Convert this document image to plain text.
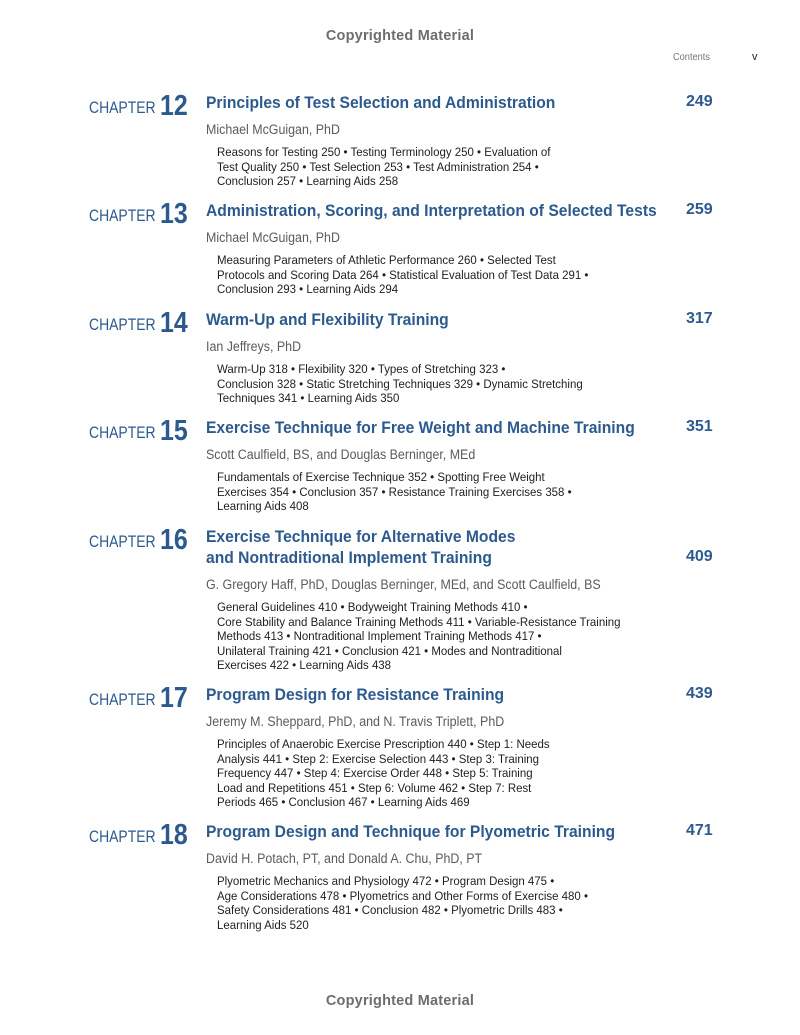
Copyrighted Material
Contents	v
CHAPTER 12 Principles of Test Selection and Administration	249
Michael McGuigan, PhD
Reasons for Testing 250 • Testing Terminology 250 • Evaluation of
Test Quality 250 • Test Selection 253 • Test Administration 254 •
Conclusion 257 • Learning Aids 258
CHAPTER 13 Administration, Scoring, and Interpretation of Selected Tests 259
Michael McGuigan, PhD
Measuring Parameters of Athletic Performance 260 • Selected Test
Protocols and Scoring Data 264 • Statistical Evaluation of Test Data 291 •
Conclusion 293 • Learning Aids 294
CHAPTER 14 Warm-Up and Flexibility Training	317
Ian Jeffreys, PhD
Warm-Up 318 • Flexibility 320 • Types of Stretching 323 •
Conclusion 328 • Static Stretching Techniques 329 • Dynamic Stretching
Techniques 341 • Learning Aids 350
CHAPTER 15 Exercise Technique for Free Weight and Machine Training	351
Scott Caulfield, BS, and Douglas Berninger, MEd
Fundamentals of Exercise Technique 352 • Spotting Free Weight
Exercises 354 • Conclusion 357 • Resistance Training Exercises 358 •
Learning Aids 408
CHAPTER 16 Exercise Technique for Alternative Modes
and Nontraditional Implement Training	409
G. Gregory Haff, PhD, Douglas Berninger, MEd, and Scott Caulfield, BS
General Guidelines 410 • Bodyweight Training Methods 410 •
Core Stability and Balance Training Methods 411 • Variable-Resistance Training
Methods 413 • Nontraditional Implement Training Methods 417 •
Unilateral Training 421 • Conclusion 421 • Modes and Nontraditional
Exercises 422 • Learning Aids 438
CHAPTER 17 Program Design for Resistance Training	439
Jeremy M. Sheppard, PhD, and N. Travis Triplett, PhD
Principles of Anaerobic Exercise Prescription 440 • Step 1: Needs
Analysis 441 • Step 2: Exercise Selection 443 • Step 3: Training
Frequency 447 • Step 4: Exercise Order 448 • Step 5: Training
Load and Repetitions 451 • Step 6: Volume 462 • Step 7: Rest
Periods 465 • Conclusion 467 • Learning Aids 469
CHAPTER 18 Program Design and Technique for Plyometric Training	471
David H. Potach, PT, and Donald A. Chu, PhD, PT
Plyometric Mechanics and Physiology 472 • Program Design 475 •
Age Considerations 478 • Plyometrics and Other Forms of Exercise 480 •
Safety Considerations 481 • Conclusion 482 • Plyometric Drills 483 •
Learning Aids 520
Copyrighted Material
